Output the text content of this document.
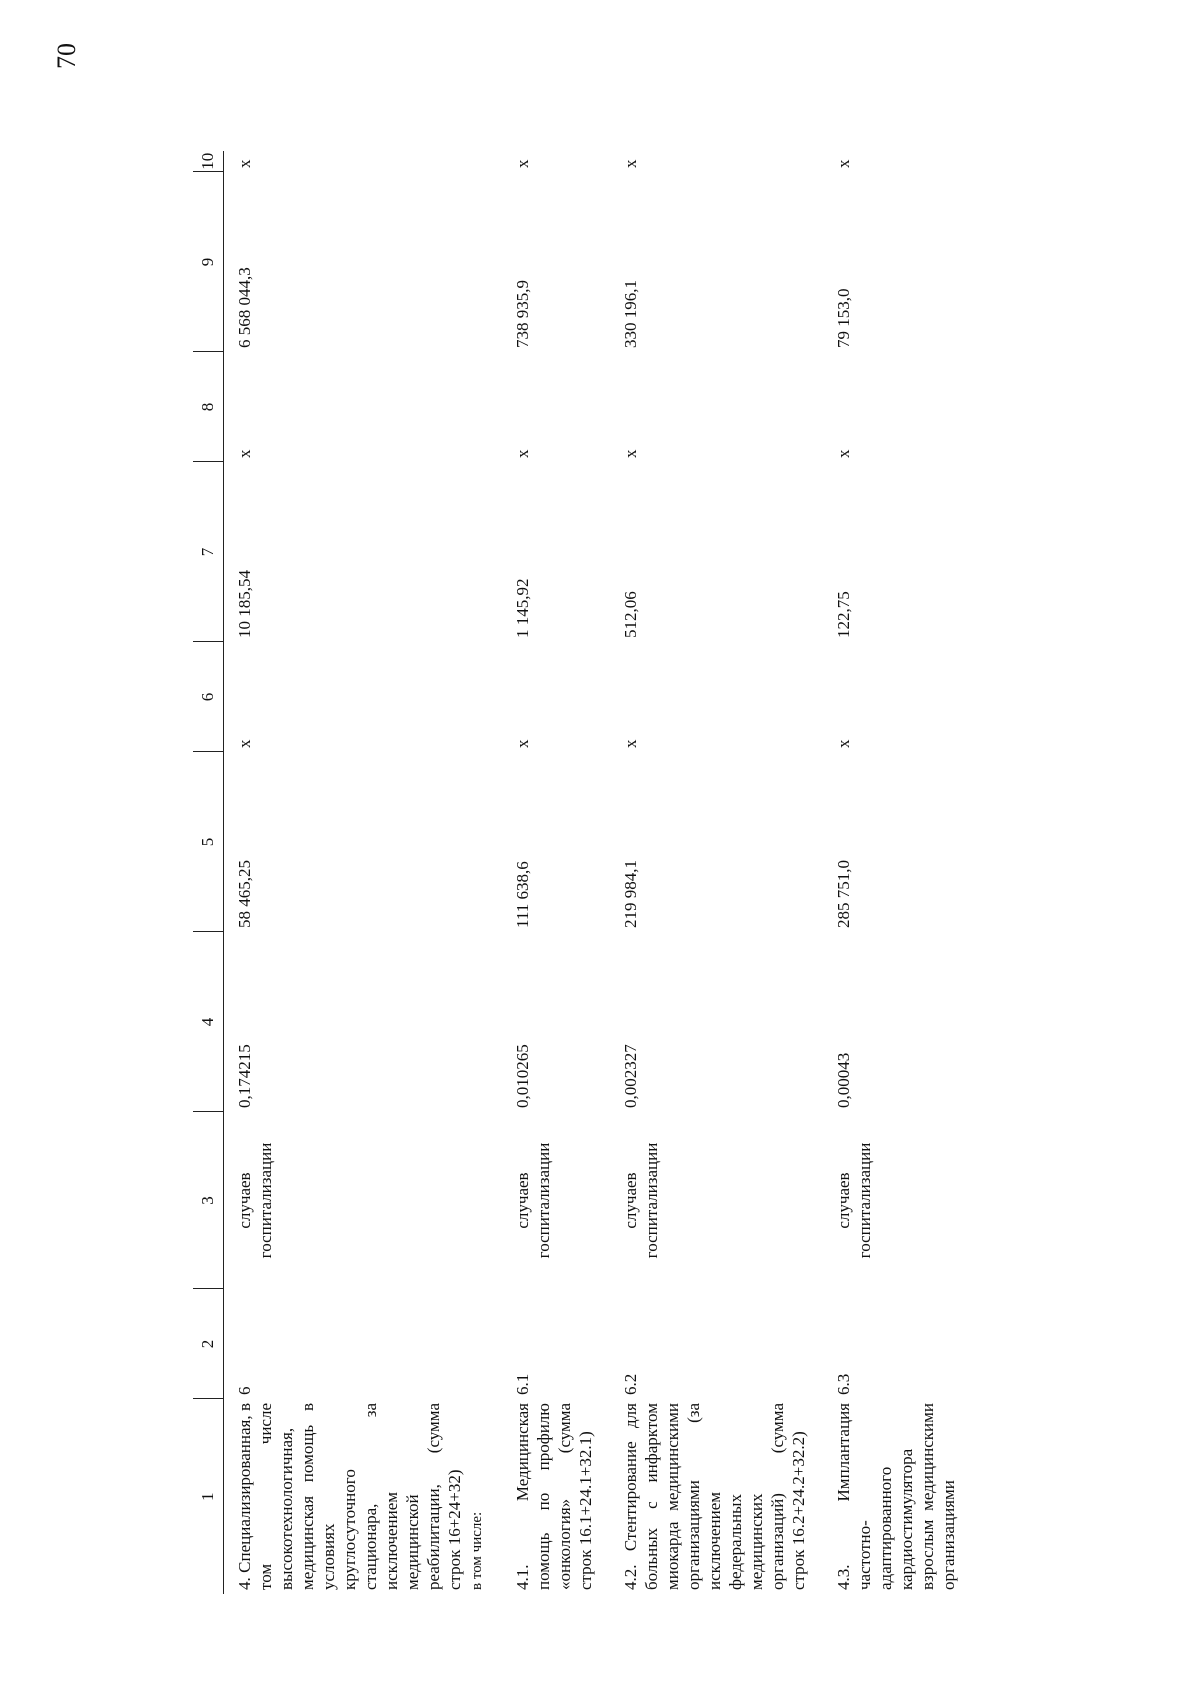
70
1	2	3	4	5	6	7	8	9	10
4. Специализированная, в том числе высокотехнологичная, медицинская помощь в условиях круглосуточного стационара, за исключением медицинской реабилитации, (сумма строк 16+24+32) в том числе:	6	случаев госпитализации	0,174215	58 465,25	x	10 185,54	x	6 568 044,3	x
4.1. Медицинская помощь по профилю «онкология» (сумма строк 16.1+24.1+32.1)	6.1	случаев госпитализации	0,010265	111 638,6	x	1 145,92	x	738 935,9	x
4.2. Стентирование для больных с инфарктом миокарда медицинскими организациями (за исключением федеральных медицинских организаций) (сумма строк 16.2+24.2+32.2)	6.2	случаев госпитализации	0,002327	219 984,1	x	512,06	x	330 196,1	x
4.3. Имплантация частотно-адаптированного кардиостимулятора взрослым медицинскими организациями	6.3	случаев госпитализации	0,00043	285 751,0	x	122,75	x	79 153,0	x
